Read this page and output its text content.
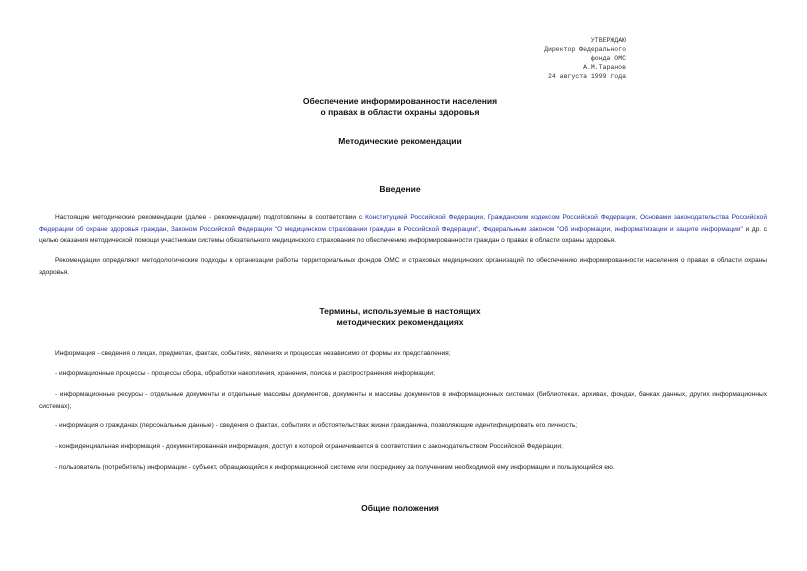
УТВЕРЖДАЮ
Директор Федерального
фонда ОМС
А.М.Таранов
24 августа 1999 года
Обеспечение информированности населения
о правах в области охраны здоровья
Методические рекомендации
Введение
Настоящие методические рекомендации (далее - рекомендации) подготовлены в соответствии с Конституцией Российской Федерации, Гражданским кодексом Российской Федерации, Основами законодательства Российской Федерации об охране здоровья граждан, Законом Российской Федерации "О медицинском страховании граждан в Российской Федерации", Федеральным законом "Об информации, информатизации и защите информации" и др. с целью оказания методической помощи участникам системы обязательного медицинского страхования по обеспечению информированности граждан о правах в области охраны здоровья.
Рекомендации определяют методологические подходы к организации работы территориальных фондов ОМС и страховых медицинских организаций по обеспечению информированности населения о правах в области охраны здоровья.
Термины, используемые в настоящих
методических рекомендациях
Информация - сведения о лицах, предметах, фактах, событиях, явлениях и процессах независимо от формы их представления;
- информационные процессы - процессы сбора, обработки накопления, хранения, поиска и распространения информации;
- информационные ресурсы - отдельные документы и отдельные массивы документов, документы и массивы документов в информационных системах (библиотеках, архивах, фондах, банках данных, других информационных системах);
- информация о гражданах (персональные данные) - сведения о фактах, событиях и обстоятельствах жизни гражданина, позволяющие идентифицировать его личность;
- конфиденциальная информация - документированная информация, доступ к которой ограничивается в соответствии с законодательством Российской Федерации;
- пользователь (потребитель) информации - субъект, обращающийся к информационной системе или посреднику за получением необходимой ему информации и пользующийся ею.
Общие положения
